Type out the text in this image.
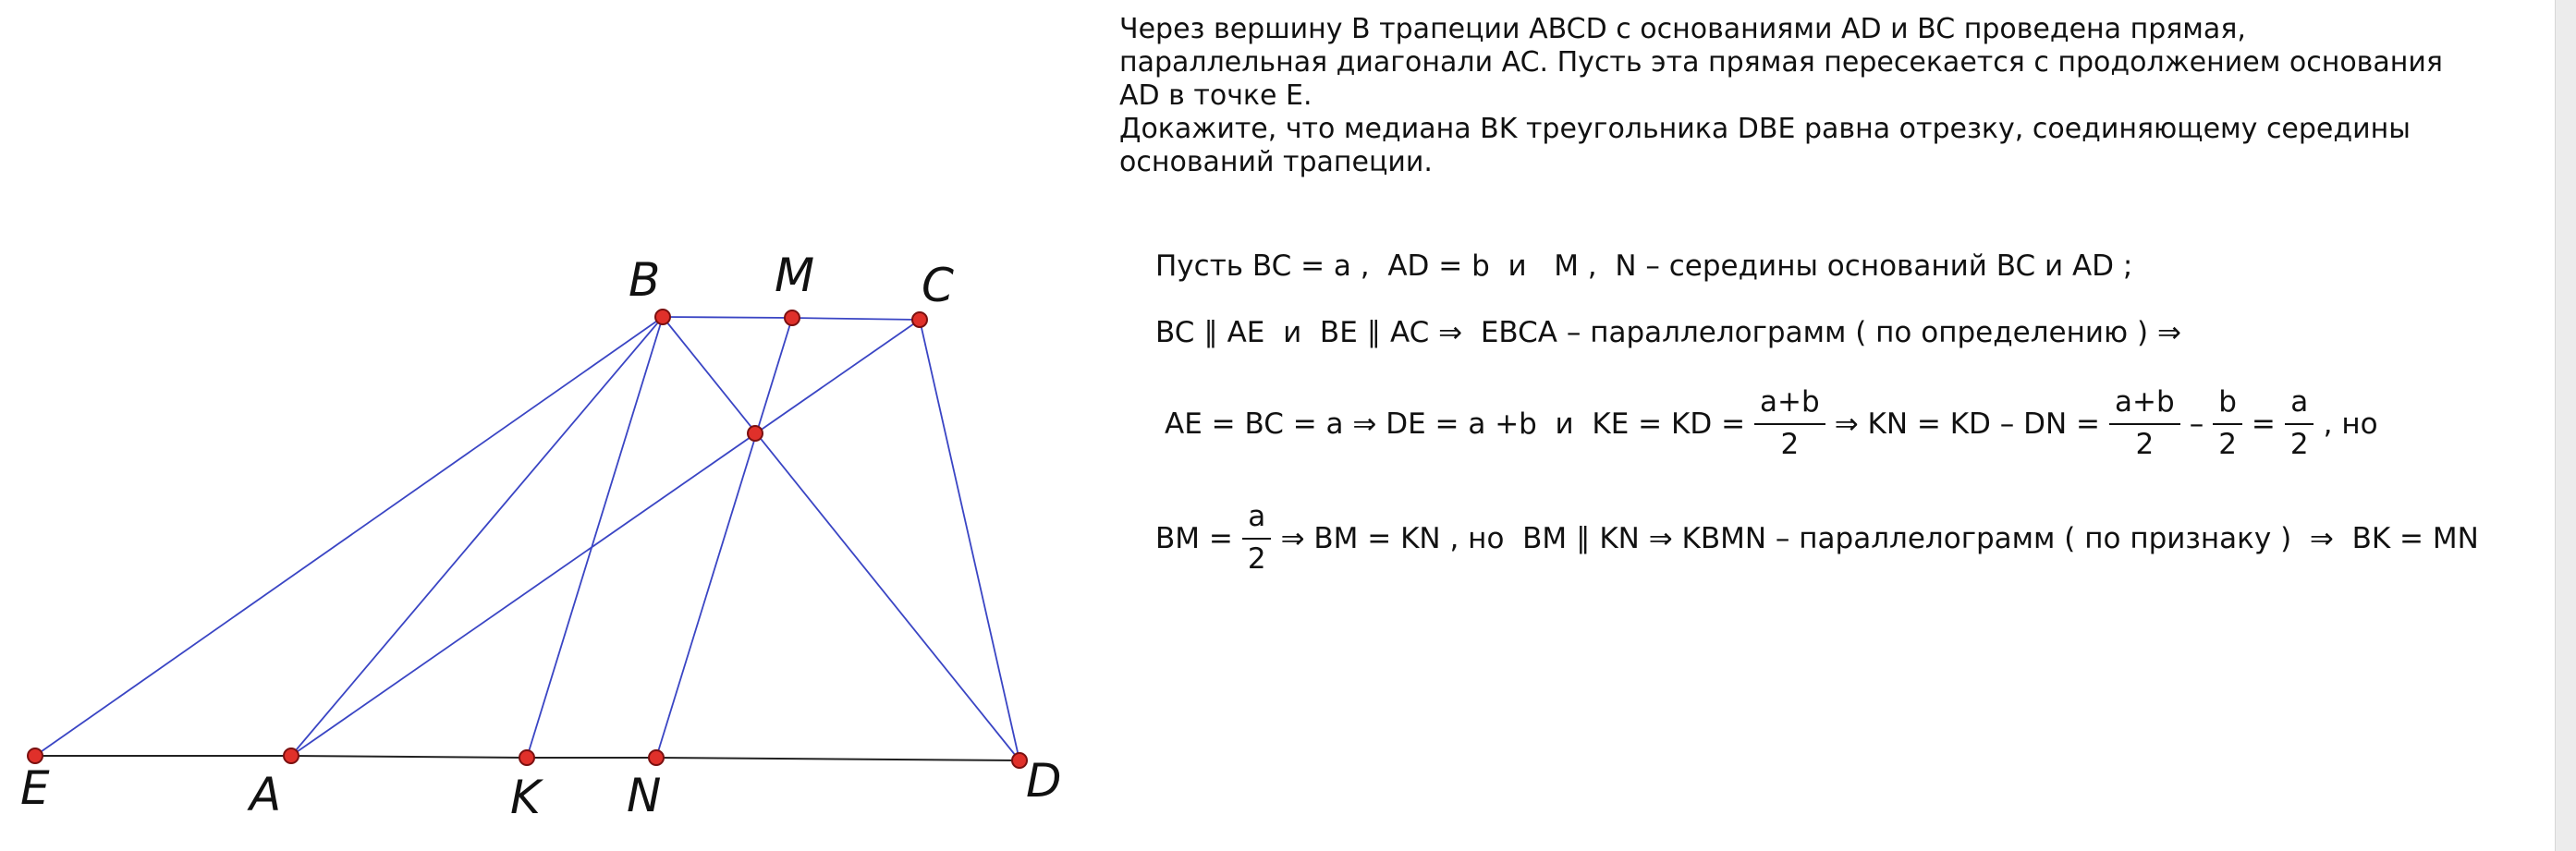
E	A	K N	D
B M C
Через вершину В трапеции ABCD с основаниями AD и BC проведена прямая,
параллельная диагонали AC. Пусть эта прямая пересекается с продолжением основания
AD в точке E.
Докажите, что медиана BK треугольника DBE равна отрезку, соединяющему середины
оснований трапеции.
Пусть BC = a ,  AD = b  и   M ,  N – середины оснований BC и AD ;
BC ∥ AE  и  BE ∥ AC ⇒  EBCA – параллелограмм ( по определению ) ⇒
AE = BC = a ⇒ DE = a +b  и  KE = KD = $\frac{a+b}{2}$ ⇒ KN = KD – DN = $\frac{a+b}{2} - \frac{b}{2} = \frac{a}{2}$ , но
BM = $\frac{a}{2}$ ⇒ BM = KN , но  BM ∥ KN ⇒ KBMN – параллелограмм ( по признаку )  ⇒  BK = MN
